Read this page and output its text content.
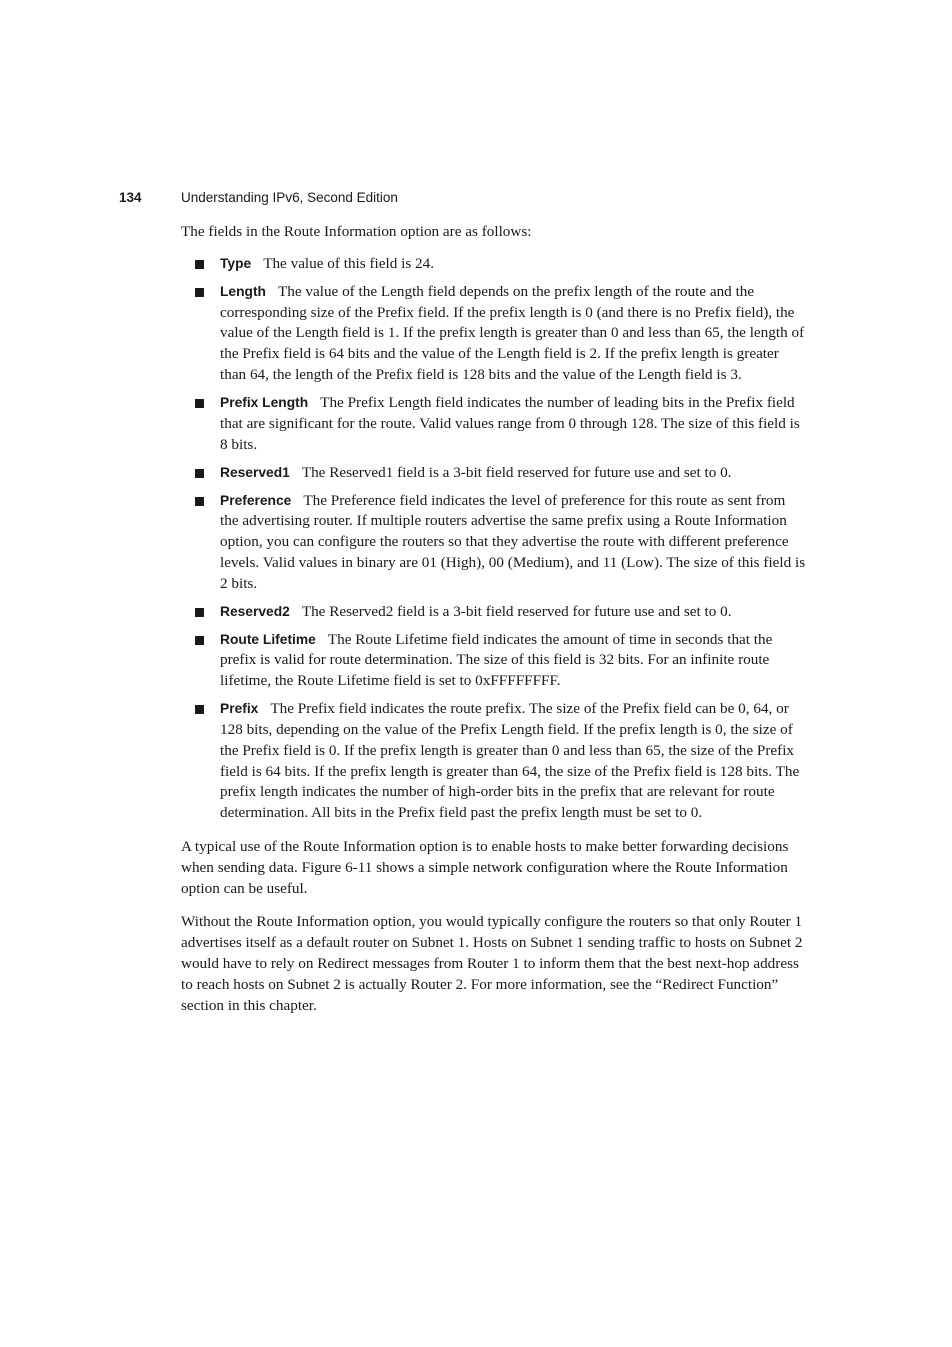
134	Understanding IPv6, Second Edition

The fields in the Route Information option are as follows:

Type The value of this field is 24.
Length The value of the Length field depends on the prefix length of the route and the corresponding size of the Prefix field. If the prefix length is 0 (and there is no Prefix field), the value of the Length field is 1. If the prefix length is greater than 0 and less than 65, the length of the Prefix field is 64 bits and the value of the Length field is 2. If the prefix length is greater than 64, the length of the Prefix field is 128 bits and the value of the Length field is 3.
Prefix Length The Prefix Length field indicates the number of leading bits in the Prefix field that are significant for the route. Valid values range from 0 through 128. The size of this field is 8 bits.
Reserved1 The Reserved1 field is a 3-bit field reserved for future use and set to 0.
Preference The Preference field indicates the level of preference for this route as sent from the advertising router. If multiple routers advertise the same prefix using a Route Information option, you can configure the routers so that they advertise the route with different preference levels. Valid values in binary are 01 (High), 00 (Medium), and 11 (Low). The size of this field is 2 bits.
Reserved2 The Reserved2 field is a 3-bit field reserved for future use and set to 0.
Route Lifetime The Route Lifetime field indicates the amount of time in seconds that the prefix is valid for route determination. The size of this field is 32 bits. For an infinite route lifetime, the Route Lifetime field is set to 0xFFFFFFFF.
Prefix The Prefix field indicates the route prefix. The size of the Prefix field can be 0, 64, or 128 bits, depending on the value of the Prefix Length field. If the prefix length is 0, the size of the Prefix field is 0. If the prefix length is greater than 0 and less than 65, the size of the Prefix field is 64 bits. If the prefix length is greater than 64, the size of the Prefix field is 128 bits. The prefix length indicates the number of high-order bits in the prefix that are relevant for route determination. All bits in the Prefix field past the prefix length must be set to 0.

A typical use of the Route Information option is to enable hosts to make better forwarding decisions when sending data. Figure 6-11 shows a simple network configuration where the Route Information option can be useful.

Without the Route Information option, you would typically configure the routers so that only Router 1 advertises itself as a default router on Subnet 1. Hosts on Subnet 1 sending traffic to hosts on Subnet 2 would have to rely on Redirect messages from Router 1 to inform them that the best next-hop address to reach hosts on Subnet 2 is actually Router 2. For more information, see the “Redirect Function” section in this chapter.
